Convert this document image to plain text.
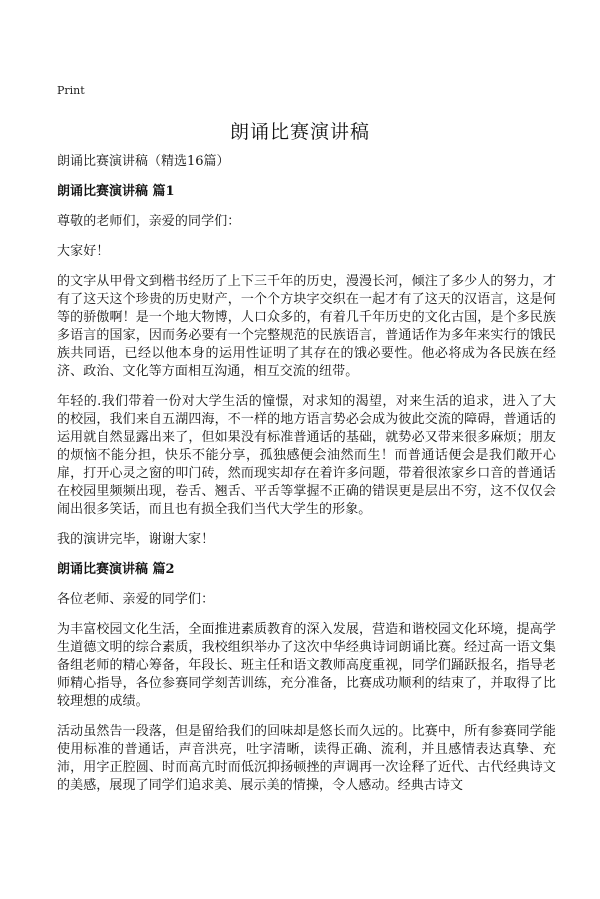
Print
朗诵比赛演讲稿

朗诵比赛演讲稿（精选16篇）

朗诵比赛演讲稿 篇1

尊敬的老师们，亲爱的同学们：

大家好！

的文字从甲骨文到楷书经历了上下三千年的历史，漫漫长河，倾注了多少人的努力，才有了这天这个珍贵的历史财产，一个个方块字交织在一起才有了这天的汉语言，这是何等的骄傲啊！是一个地大物博，人口众多的，有着几千年历史的文化古国，是个多民族多语言的国家，因而务必要有一个完整规范的民族语言，普通话作为多年来实行的饿民族共同语，已经以他本身的运用性证明了其存在的饿必要性。他必将成为各民族在经济、政治、文化等方面相互沟通，相互交流的纽带。

年轻的.我们带着一份对大学生活的憧憬，对求知的渴望，对来生活的追求，进入了大的校园，我们来自五湖四海，不一样的地方语言势必会成为彼此交流的障碍，普通话的运用就自然显露出来了，但如果没有标准普通话的基础，就势必又带来很多麻烦；朋友的烦恼不能分担，快乐不能分享，孤独感便会油然而生！而普通话便会是我们敞开心扉，打开心灵之窗的叩门砖，然而现实却存在着许多问题，带着很浓家乡口音的普通话在校园里频频出现，卷舌、翘舌、平舌等掌握不正确的错误更是层出不穷，这不仅仅会闹出很多笑话，而且也有损全我们当代大学生的形象。

我的演讲完毕，谢谢大家！

朗诵比赛演讲稿 篇2

各位老师、亲爱的同学们：

为丰富校园文化生活，全面推进素质教育的深入发展，营造和谐校园文化环境，提高学生道德文明的综合素质，我校组织举办了这次中华经典诗词朗诵比赛。经过高一语文集备组老师的精心筹备，年段长、班主任和语文教师高度重视，同学们踊跃报名，指导老师精心指导，各位参赛同学刻苦训练，充分准备，比赛成功顺利的结束了，并取得了比较理想的成绩。

活动虽然告一段落，但是留给我们的回味却是悠长而久远的。比赛中，所有参赛同学能使用标准的普通话，声音洪亮，吐字清晰，读得正确、流利，并且感情表达真挚、充沛，用字正腔圆、时而高亢时而低沉抑扬顿挫的声调再一次诠释了近代、古代经典诗文的美感，展现了同学们追求美、展示美的情操，令人感动。经典古诗文
